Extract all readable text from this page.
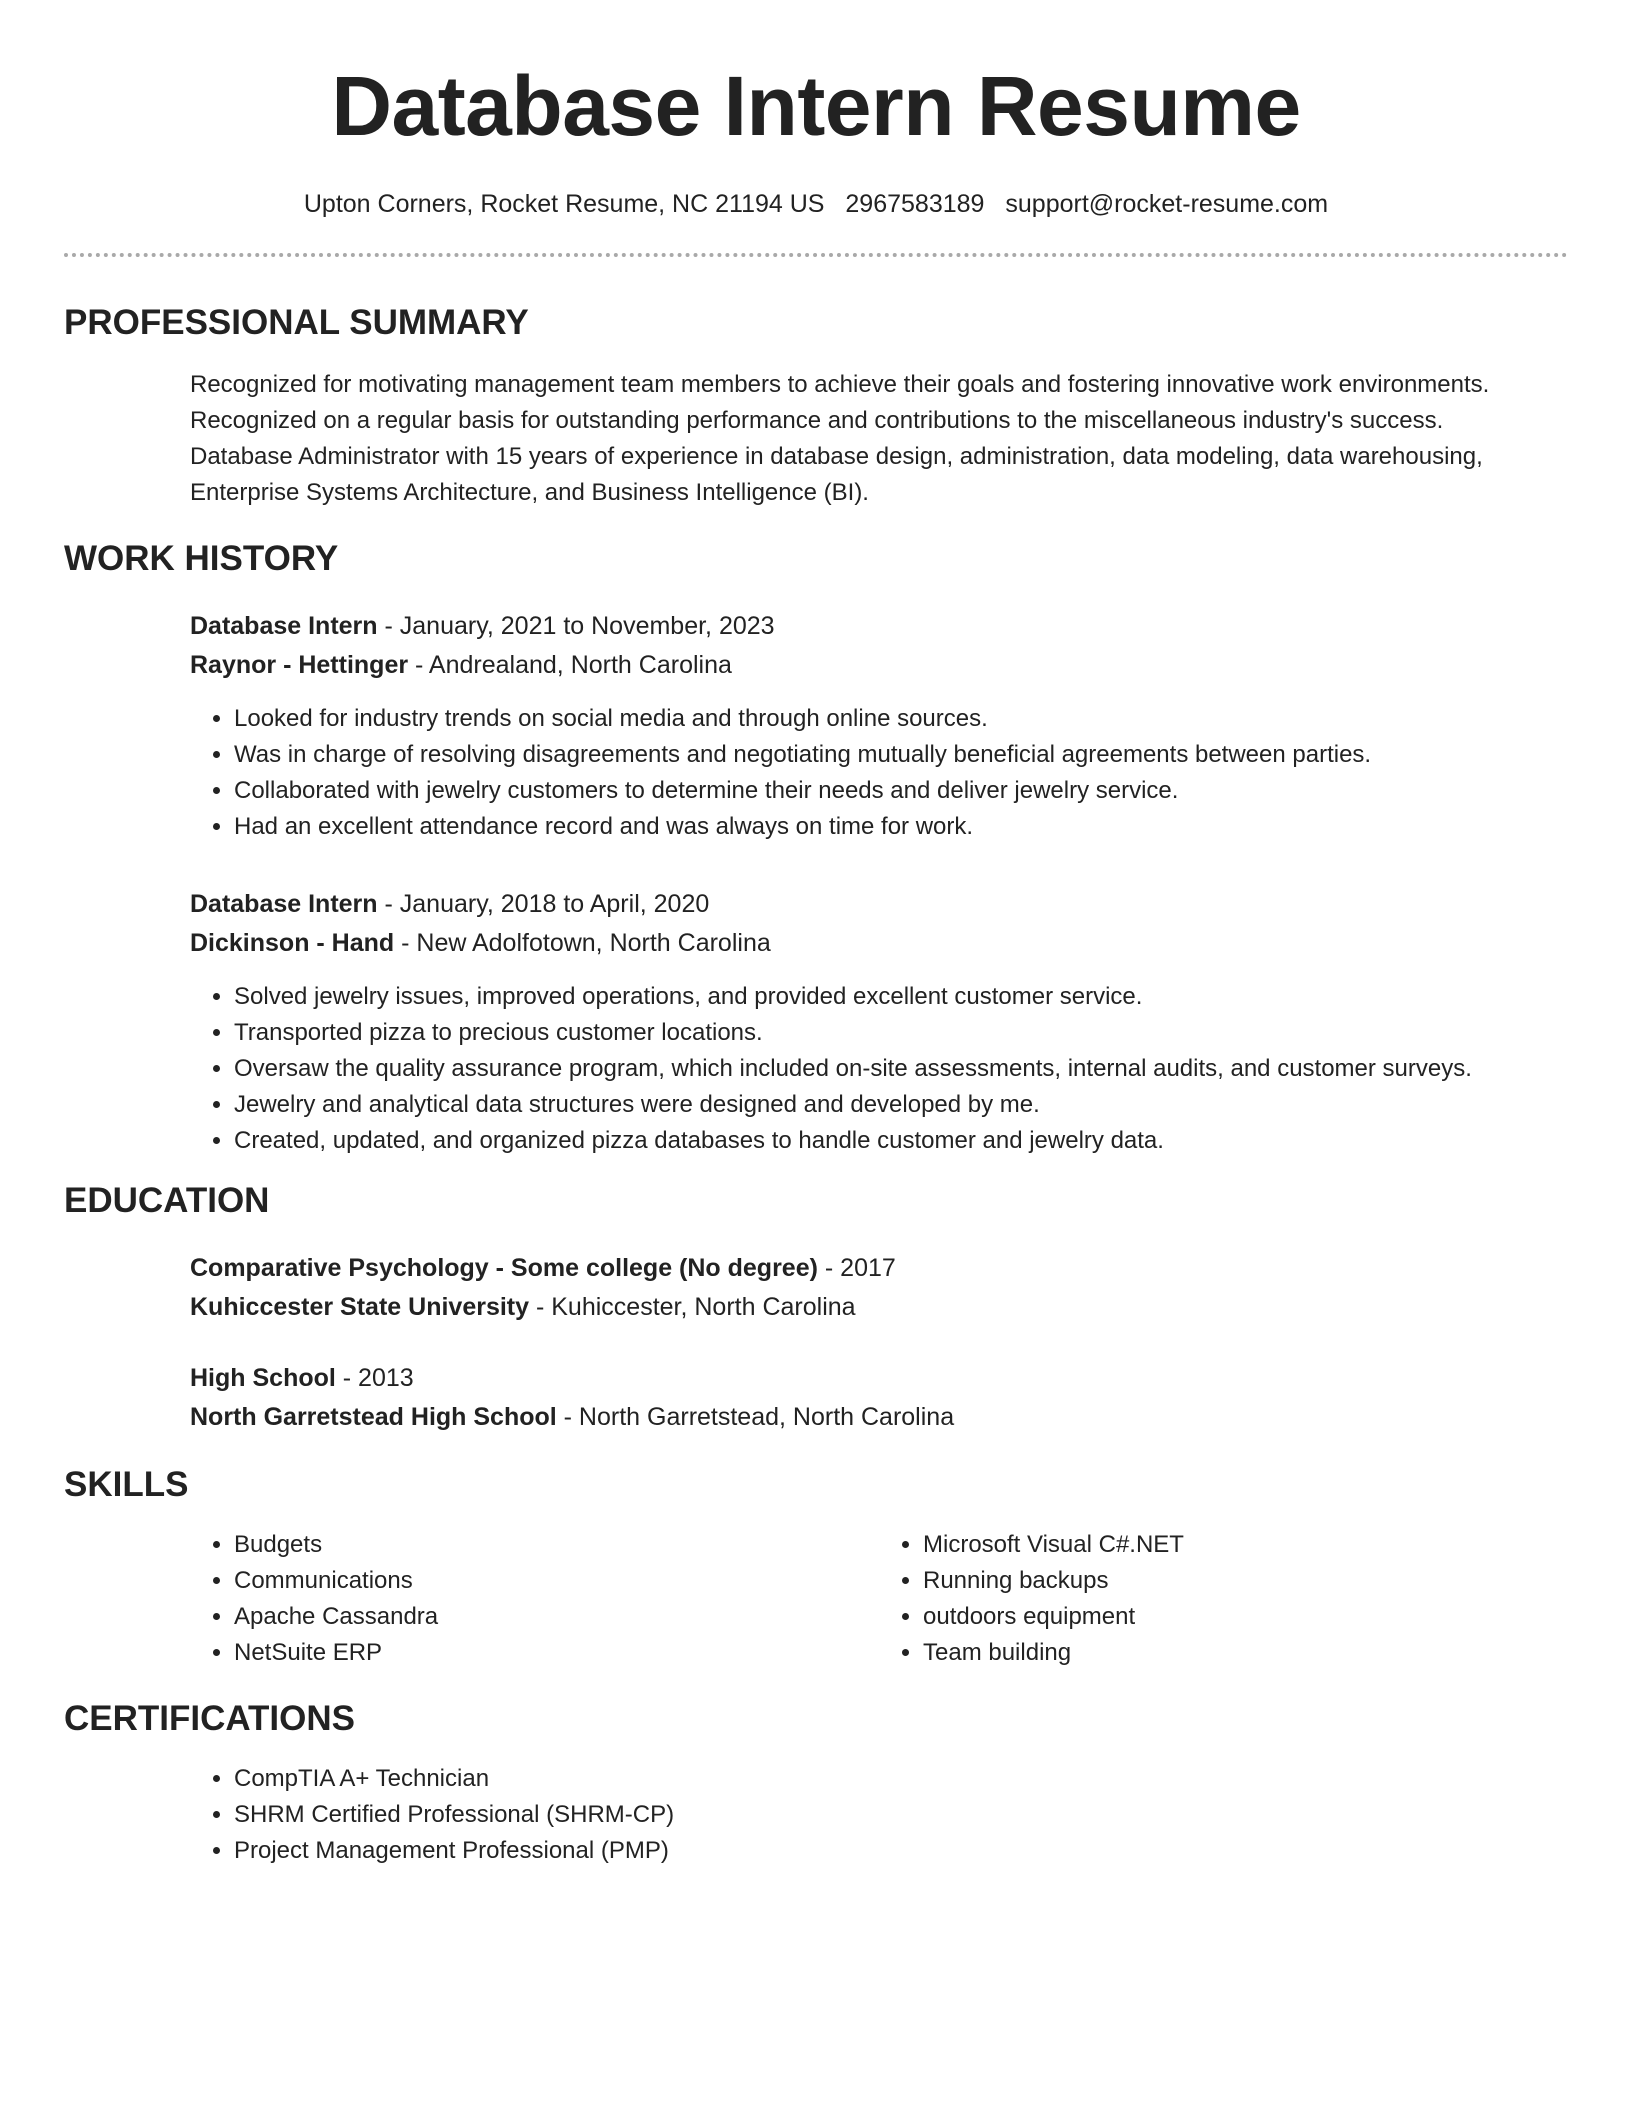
Database Intern Resume
Upton Corners, Rocket Resume, NC 21194 US 2967583189 support@rocket-resume.com
PROFESSIONAL SUMMARY

Recognized for motivating management team members to achieve their goals and fostering innovative work environments.

Recognized on a regular basis for outstanding performance and contributions to the miscellaneous industry's success.

Database Administrator with 15 years of experience in database design, administration, data modeling, data warehousing,

Enterprise Systems Architecture, and Business Intelligence (BI).

WORK HISTORY
Database Intern - January, 2021 to November, 2023
Raynor - Hettinger - Andrealand, North Carolina
• Looked for industry trends on social media and through online sources.
• Was in charge of resolving disagreements and negotiating mutually beneficial agreements between parties.
• Collaborated with jewelry customers to determine their needs and deliver jewelry service.
• Had an excellent attendance record and was always on time for work.
Database Intern - January, 2018 to April, 2020
Dickinson - Hand - New Adolfotown, North Carolina
• Solved jewelry issues, improved operations, and provided excellent customer service.
• Transported pizza to precious customer locations.
• Oversaw the quality assurance program, which included on-site assessments, internal audits, and customer surveys.
• Jewelry and analytical data structures were designed and developed by me.
• Created, updated, and organized pizza databases to handle customer and jewelry data.
EDUCATION
Comparative Psychology - Some college (No degree) - 2017
Kuhiccester State University - Kuhiccester, North Carolina
High School - 2013
North Garretstead High School - North Garretstead, North Carolina
SKILLS
• Budgets
• Communications
• Apache Cassandra
• NetSuite ERP
• Microsoft Visual C#.NET
• Running backups
• outdoors equipment
• Team building
CERTIFICATIONS
• CompTIA A+ Technician
• SHRM Certified Professional (SHRM-CP)
• Project Management Professional (PMP)
